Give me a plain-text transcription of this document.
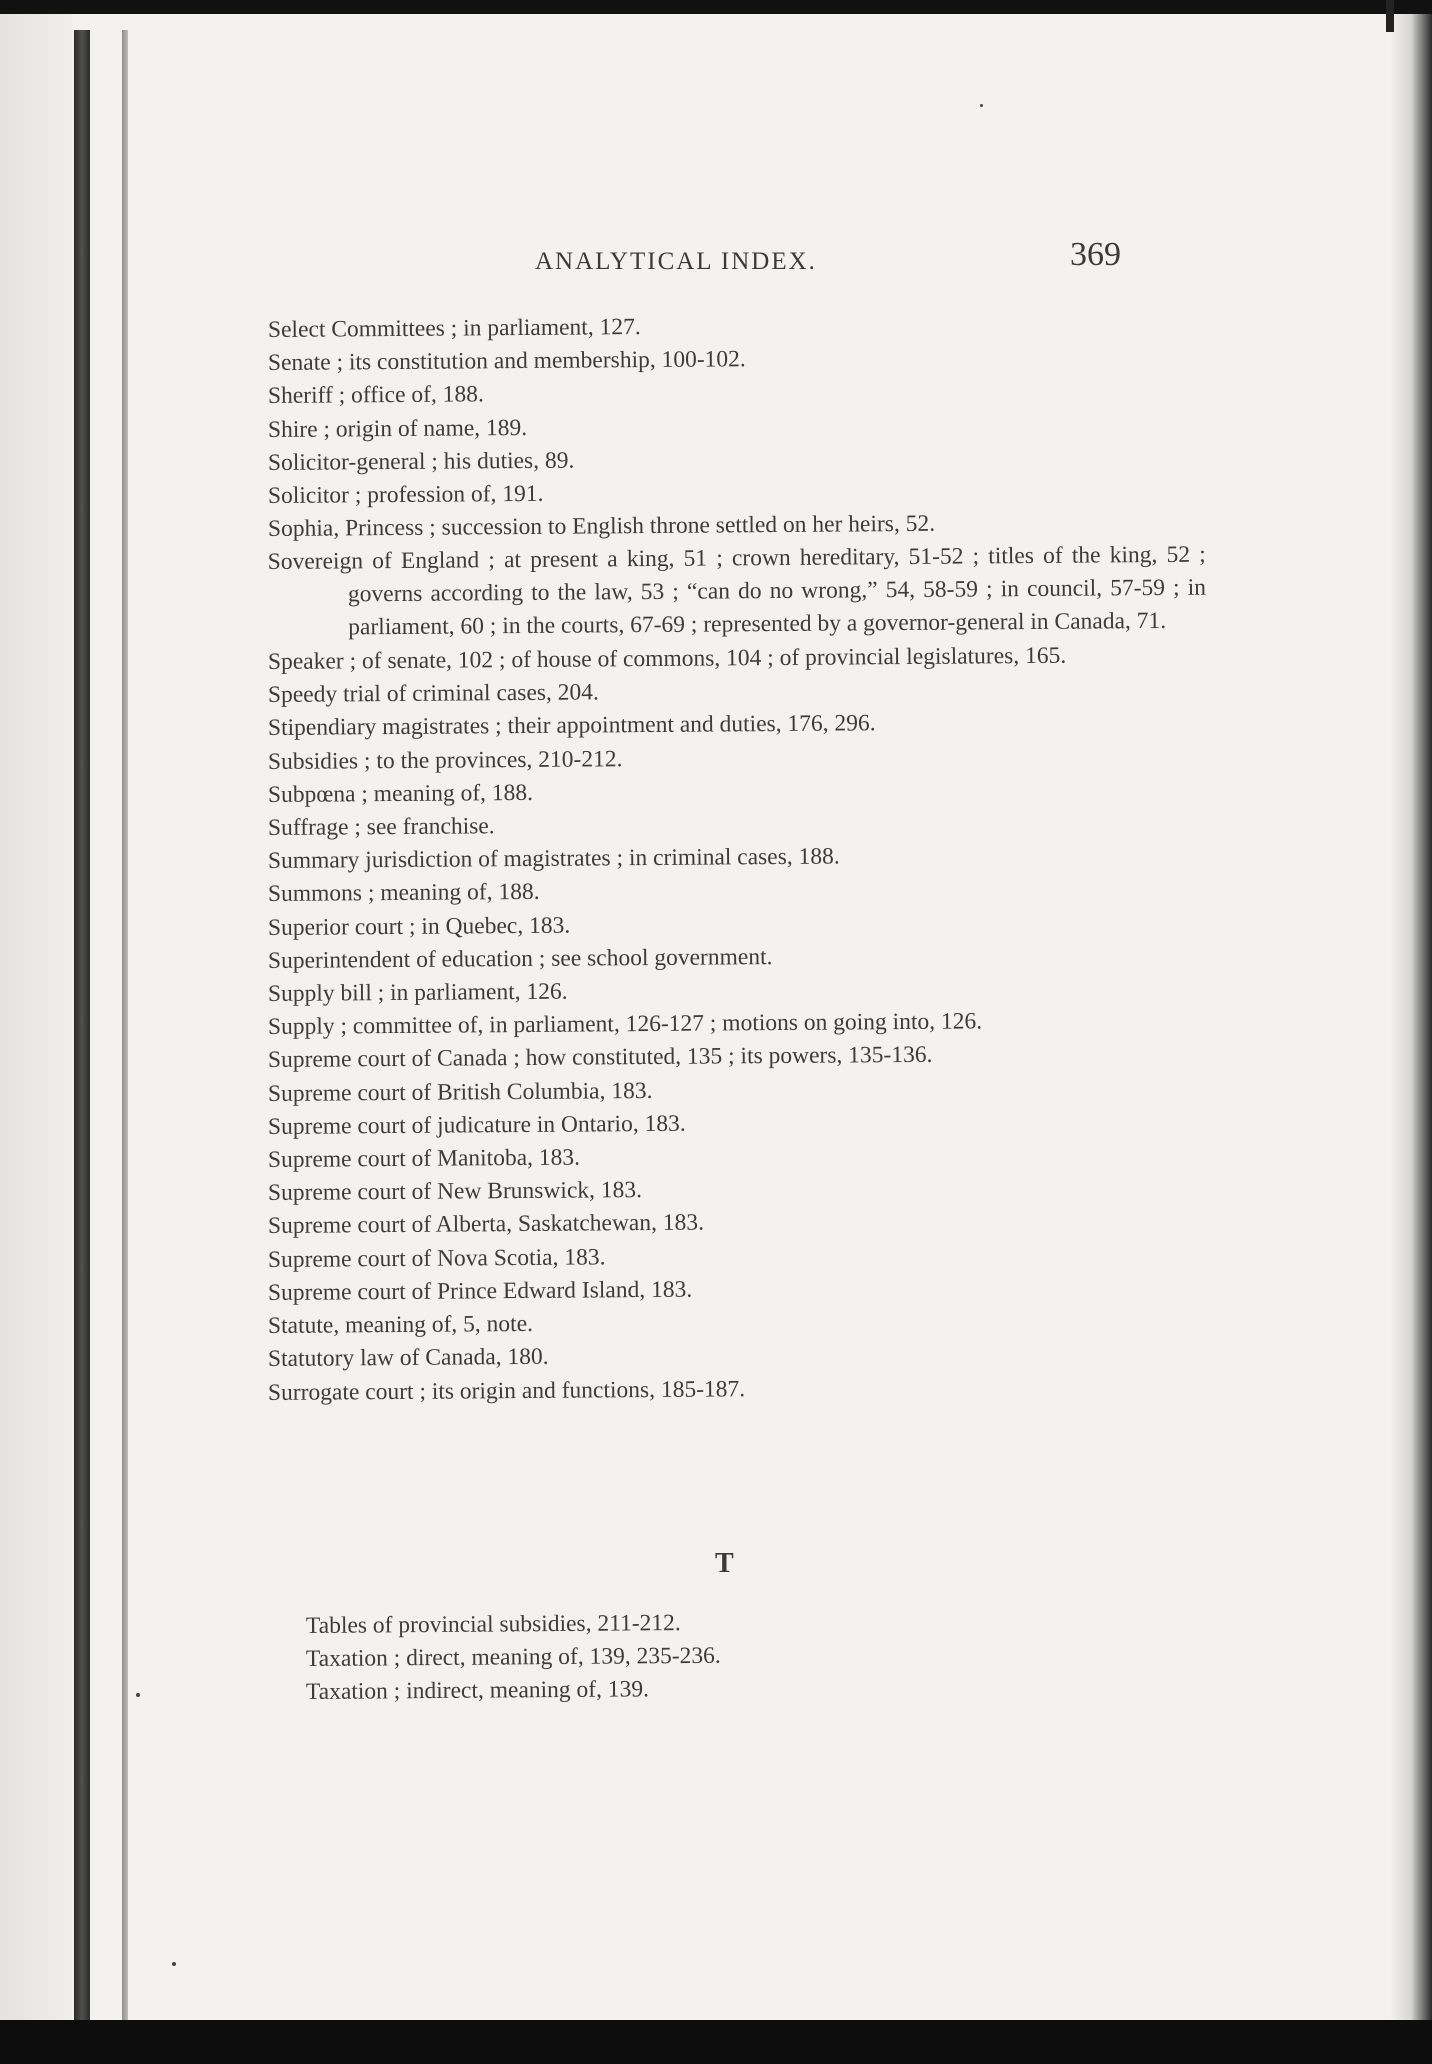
ANALYTICAL INDEX.	369
Select Committees ; in parliament, 127.
Senate ; its constitution and membership, 100-102.
Sheriff ; office of, 188.
Shire ; origin of name, 189.
Solicitor-general ; his duties, 89.
Solicitor ; profession of, 191.
Sophia, Princess ; succession to English throne settled on her heirs, 52.
Sovereign of England ; at present a king, 51 ; crown hereditary, 51-52 ; titles of the king, 52 ; governs according to the law, 53 ; “can do no wrong,” 54, 58-59 ; in council, 57-59 ; in parliament, 60 ; in the courts, 67-69 ; represented by a governor-general in Canada, 71.
Speaker ; of senate, 102 ; of house of commons, 104 ; of provincial legislatures, 165.
Speedy trial of criminal cases, 204.
Stipendiary magistrates ; their appointment and duties, 176, 296.
Subsidies ; to the provinces, 210-212.
Subpœna ; meaning of, 188.
Suffrage ; see franchise.
Summary jurisdiction of magistrates ; in criminal cases, 188.
Summons ; meaning of, 188.
Superior court ; in Quebec, 183.
Superintendent of education ; see school government.
Supply bill ; in parliament, 126.
Supply ; committee of, in parliament, 126-127 ; motions on going into, 126.
Supreme court of Canada ; how constituted, 135 ; its powers, 135-136.
Supreme court of British Columbia, 183.
Supreme court of judicature in Ontario, 183.
Supreme court of Manitoba, 183.
Supreme court of New Brunswick, 183.
Supreme court of Alberta, Saskatchewan, 183.
Supreme court of Nova Scotia, 183.
Supreme court of Prince Edward Island, 183.
Statute, meaning of, 5, note.
Statutory law of Canada, 180.
Surrogate court ; its origin and functions, 185-187.
T
Tables of provincial subsidies, 211-212.
Taxation ; direct, meaning of, 139, 235-236.
Taxation ; indirect, meaning of, 139.
